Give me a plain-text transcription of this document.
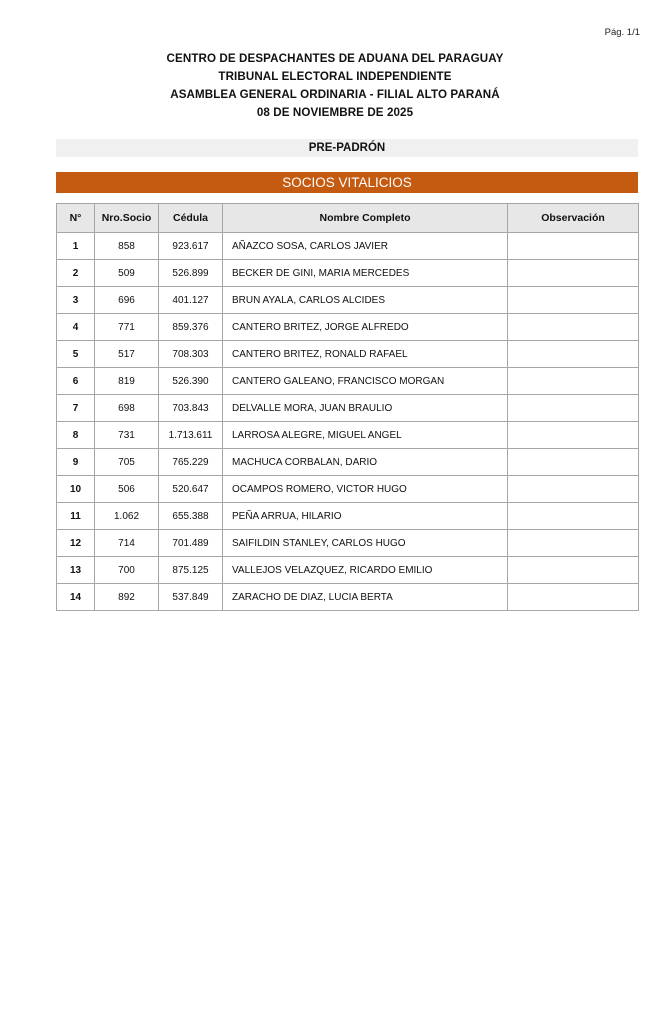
Pág. 1/1
CENTRO DE DESPACHANTES DE ADUANA DEL PARAGUAY
TRIBUNAL ELECTORAL INDEPENDIENTE
ASAMBLEA GENERAL ORDINARIA - FILIAL ALTO PARANÁ
08 DE NOVIEMBRE DE 2025
PRE-PADRÓN
SOCIOS VITALICIOS
N°	Nro.Socio	Cédula	Nombre Completo	Observación
1	858	923.617	AÑAZCO SOSA, CARLOS JAVIER	
2	509	526.899	BECKER DE GINI, MARIA MERCEDES	
3	696	401.127	BRUN AYALA, CARLOS ALCIDES	
4	771	859.376	CANTERO BRITEZ, JORGE ALFREDO	
5	517	708.303	CANTERO BRITEZ, RONALD RAFAEL	
6	819	526.390	CANTERO GALEANO, FRANCISCO MORGAN	
7	698	703.843	DELVALLE MORA, JUAN BRAULIO	
8	731	1.713.611	LARROSA ALEGRE, MIGUEL ANGEL	
9	705	765.229	MACHUCA CORBALAN, DARIO	
10	506	520.647	OCAMPOS ROMERO, VICTOR HUGO	
11	1.062	655.388	PEÑA ARRUA, HILARIO	
12	714	701.489	SAIFILDIN STANLEY, CARLOS HUGO	
13	700	875.125	VALLEJOS VELAZQUEZ, RICARDO EMILIO	
14	892	537.849	ZARACHO DE DIAZ, LUCIA BERTA	
